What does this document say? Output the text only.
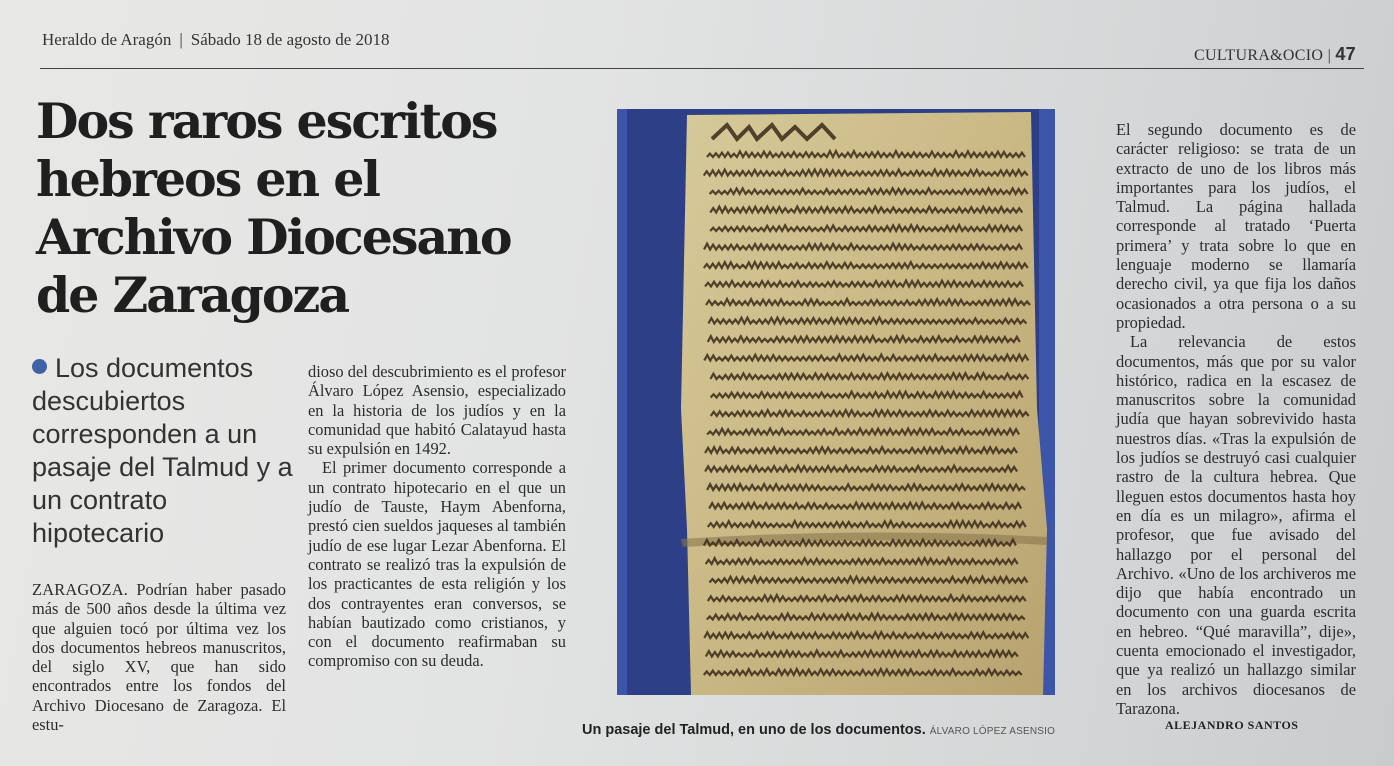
Heraldo de Aragón | Sábado 18 de agosto de 2018
CULTURA&OCIO | 47
Dos raros escritos
hebreos en el
Archivo Diocesano
de Zaragoza
Los documentos descubiertos corresponden a un pasaje del Talmud y a un contrato hipotecario

ZARAGOZA. Podrían haber pasado más de 500 años desde la última vez que alguien tocó por última vez los dos documentos hebreos manuscritos, del siglo XV, que han sido encontrados entre los fondos del Archivo Diocesano de Zaragoza. El estu-

dioso del descubrimiento es el profesor Álvaro López Asensio, especializado en la historia de los judíos y en la comunidad que habitó Calatayud hasta su expulsión en 1492.

El primer documento corresponde a un contrato hipotecario en el que un judío de Tauste, Haym Abenforna, prestó cien sueldos jaqueses al también judío de ese lugar Lezar Abenforna. El contrato se realizó tras la expulsión de los practicantes de esta religión y los dos contrayentes eran conversos, se habían bautizado como cristianos, y con el documento reafirmaban su compromiso con su deuda.

Un pasaje del Talmud, en uno de los documentos. ÁLVARO LÓPEZ ASENSIO

El segundo documento es de carácter religioso: se trata de un extracto de uno de los libros más importantes para los judíos, el Talmud. La página hallada corresponde al tratado ‘Puerta primera’ y trata sobre lo que en lenguaje moderno se llamaría derecho civil, ya que fija los daños ocasionados a otra persona o a su propiedad.

La relevancia de estos documentos, más que por su valor histórico, radica en la escasez de manuscritos sobre la comunidad judía que hayan sobrevivido hasta nuestros días. «Tras la expulsión de los judíos se destruyó casi cualquier rastro de la cultura hebrea. Que lleguen estos documentos hasta hoy en día es un milagro», afirma el profesor, que fue avisado del hallazgo por el personal del Archivo. «Uno de los archiveros me dijo que había encontrado un documento con una guarda escrita en hebreo. “Qué maravilla”, dije», cuenta emocionado el investigador, que ya realizó un hallazgo similar en los archivos diocesanos de Tarazona.

ALEJANDRO SANTOS
